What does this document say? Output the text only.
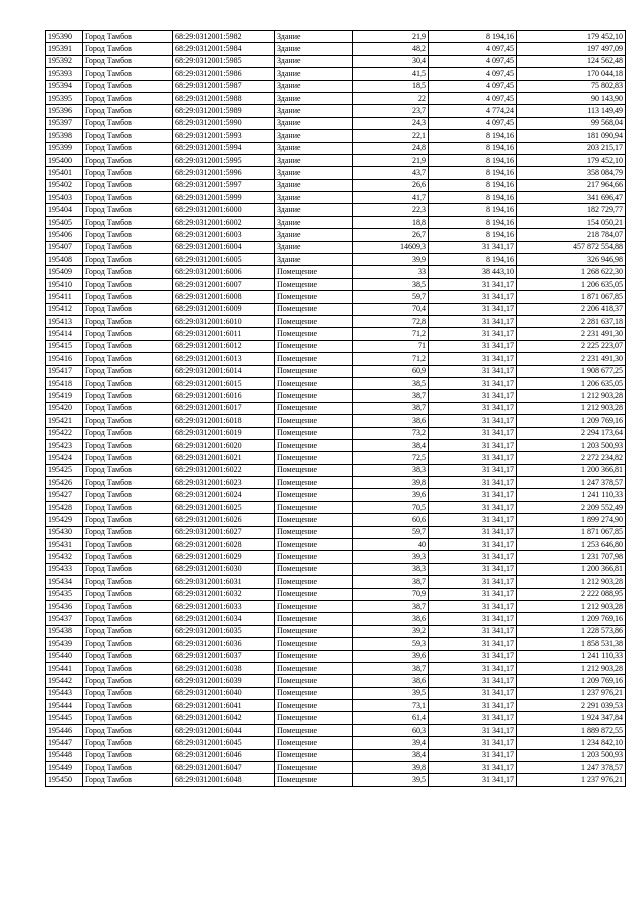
195390	Город Тамбов	68:29:0312001:5982	Здание	21,9	8 194,16	179 452,10
195391	Город Тамбов	68:29:0312001:5984	Здание	48,2	4 097,45	197 497,09
195392	Город Тамбов	68:29:0312001:5985	Здание	30,4	4 097,45	124 562,48
195393	Город Тамбов	68:29:0312001:5986	Здание	41,5	4 097,45	170 044,18
195394	Город Тамбов	68:29:0312001:5987	Здание	18,5	4 097,45	75 802,83
195395	Город Тамбов	68:29:0312001:5988	Здание	22	4 097,45	90 143,90
195396	Город Тамбов	68:29:0312001:5989	Здание	23,7	4 774,24	113 149,49
195397	Город Тамбов	68:29:0312001:5990	Здание	24,3	4 097,45	99 568,04
195398	Город Тамбов	68:29:0312001:5993	Здание	22,1	8 194,16	181 090,94
195399	Город Тамбов	68:29:0312001:5994	Здание	24,8	8 194,16	203 215,17
195400	Город Тамбов	68:29:0312001:5995	Здание	21,9	8 194,16	179 452,10
195401	Город Тамбов	68:29:0312001:5996	Здание	43,7	8 194,16	358 084,79
195402	Город Тамбов	68:29:0312001:5997	Здание	26,6	8 194,16	217 964,66
195403	Город Тамбов	68:29:0312001:5999	Здание	41,7	8 194,16	341 696,47
195404	Город Тамбов	68:29:0312001:6000	Здание	22,3	8 194,16	182 729,77
195405	Город Тамбов	68:29:0312001:6002	Здание	18,8	8 194,16	154 050,21
195406	Город Тамбов	68:29:0312001:6003	Здание	26,7	8 194,16	218 784,07
195407	Город Тамбов	68:29:0312001:6004	Здание	14609,3	31 341,17	457 872 554,88
195408	Город Тамбов	68:29:0312001:6005	Здание	39,9	8 194,16	326 946,98
195409	Город Тамбов	68:29:0312001:6006	Помещение	33	38 443,10	1 268 622,30
195410	Город Тамбов	68:29:0312001:6007	Помещение	38,5	31 341,17	1 206 635,05
195411	Город Тамбов	68:29:0312001:6008	Помещение	59,7	31 341,17	1 871 067,85
195412	Город Тамбов	68:29:0312001:6009	Помещение	70,4	31 341,17	2 206 418,37
195413	Город Тамбов	68:29:0312001:6010	Помещение	72,8	31 341,17	2 281 637,18
195414	Город Тамбов	68:29:0312001:6011	Помещение	71,2	31 341,17	2 231 491,30
195415	Город Тамбов	68:29:0312001:6012	Помещение	71	31 341,17	2 225 223,07
195416	Город Тамбов	68:29:0312001:6013	Помещение	71,2	31 341,17	2 231 491,30
195417	Город Тамбов	68:29:0312001:6014	Помещение	60,9	31 341,17	1 908 677,25
195418	Город Тамбов	68:29:0312001:6015	Помещение	38,5	31 341,17	1 206 635,05
195419	Город Тамбов	68:29:0312001:6016	Помещение	38,7	31 341,17	1 212 903,28
195420	Город Тамбов	68:29:0312001:6017	Помещение	38,7	31 341,17	1 212 903,28
195421	Город Тамбов	68:29:0312001:6018	Помещение	38,6	31 341,17	1 209 769,16
195422	Город Тамбов	68:29:0312001:6019	Помещение	73,2	31 341,17	2 294 173,64
195423	Город Тамбов	68:29:0312001:6020	Помещение	38,4	31 341,17	1 203 500,93
195424	Город Тамбов	68:29:0312001:6021	Помещение	72,5	31 341,17	2 272 234,82
195425	Город Тамбов	68:29:0312001:6022	Помещение	38,3	31 341,17	1 200 366,81
195426	Город Тамбов	68:29:0312001:6023	Помещение	39,8	31 341,17	1 247 378,57
195427	Город Тамбов	68:29:0312001:6024	Помещение	39,6	31 341,17	1 241 110,33
195428	Город Тамбов	68:29:0312001:6025	Помещение	70,5	31 341,17	2 209 552,49
195429	Город Тамбов	68:29:0312001:6026	Помещение	60,6	31 341,17	1 899 274,90
195430	Город Тамбов	68:29:0312001:6027	Помещение	59,7	31 341,17	1 871 067,85
195431	Город Тамбов	68:29:0312001:6028	Помещение	40	31 341,17	1 253 646,80
195432	Город Тамбов	68:29:0312001:6029	Помещение	39,3	31 341,17	1 231 707,98
195433	Город Тамбов	68:29:0312001:6030	Помещение	38,3	31 341,17	1 200 366,81
195434	Город Тамбов	68:29:0312001:6031	Помещение	38,7	31 341,17	1 212 903,28
195435	Город Тамбов	68:29:0312001:6032	Помещение	70,9	31 341,17	2 222 088,95
195436	Город Тамбов	68:29:0312001:6033	Помещение	38,7	31 341,17	1 212 903,28
195437	Город Тамбов	68:29:0312001:6034	Помещение	38,6	31 341,17	1 209 769,16
195438	Город Тамбов	68:29:0312001:6035	Помещение	39,2	31 341,17	1 228 573,86
195439	Город Тамбов	68:29:0312001:6036	Помещение	59,3	31 341,17	1 858 531,38
195440	Город Тамбов	68:29:0312001:6037	Помещение	39,6	31 341,17	1 241 110,33
195441	Город Тамбов	68:29:0312001:6038	Помещение	38,7	31 341,17	1 212 903,28
195442	Город Тамбов	68:29:0312001:6039	Помещение	38,6	31 341,17	1 209 769,16
195443	Город Тамбов	68:29:0312001:6040	Помещение	39,5	31 341,17	1 237 976,21
195444	Город Тамбов	68:29:0312001:6041	Помещение	73,1	31 341,17	2 291 039,53
195445	Город Тамбов	68:29:0312001:6042	Помещение	61,4	31 341,17	1 924 347,84
195446	Город Тамбов	68:29:0312001:6044	Помещение	60,3	31 341,17	1 889 872,55
195447	Город Тамбов	68:29:0312001:6045	Помещение	39,4	31 341,17	1 234 842,10
195448	Город Тамбов	68:29:0312001:6046	Помещение	38,4	31 341,17	1 203 500,93
195449	Город Тамбов	68:29:0312001:6047	Помещение	39,8	31 341,17	1 247 378,57
195450	Город Тамбов	68:29:0312001:6048	Помещение	39,5	31 341,17	1 237 976,21
